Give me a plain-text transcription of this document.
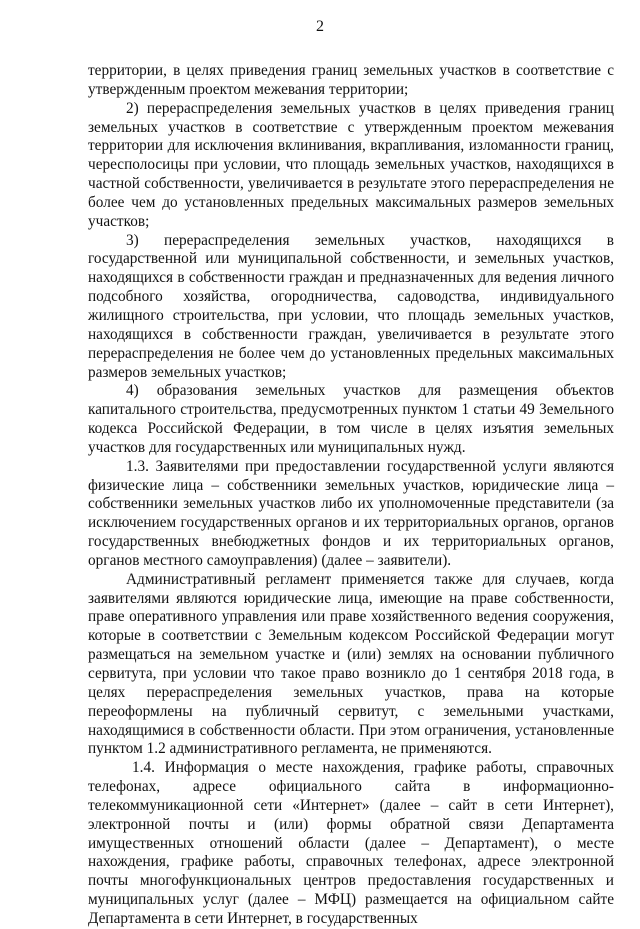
2

территории, в целях приведения границ земельных участков в соответствие с утвержденным проектом межевания территории;

2) перераспределения земельных участков в целях приведения границ земельных участков в соответствие с утвержденным проектом межевания территории для исключения вклинивания, вкрапливания, изломанности границ, чересполосицы при условии, что площадь земельных участков, находящихся в частной собственности, увеличивается в результате этого перераспределения не более чем до установленных предельных максимальных размеров земельных участков;

3) перераспределения земельных участков, находящихся в государственной или муниципальной собственности, и земельных участков, находящихся в собственности граждан и предназначенных для ведения личного подсобного хозяйства, огородничества, садоводства, индивидуального жилищного строительства, при условии, что площадь земельных участков, находящихся в собственности граждан, увеличивается в результате этого перераспределения не более чем до установленных предельных максимальных размеров земельных участков;

4) образования земельных участков для размещения объектов капитального строительства, предусмотренных пунктом 1 статьи 49 Земельного кодекса Российской Федерации, в том числе в целях изъятия земельных участков для государственных или муниципальных нужд.

1.3. Заявителями при предоставлении государственной услуги являются физические лица – собственники земельных участков, юридические лица – собственники земельных участков либо их уполномоченные представители (за исключением государственных органов и их территориальных органов, органов государственных внебюджетных фондов и их территориальных органов, органов местного самоуправления) (далее – заявители).

Административный регламент применяется также для случаев, когда заявителями являются юридические лица, имеющие на праве собственности, праве оперативного управления или праве хозяйственного ведения сооружения, которые в соответствии с Земельным кодексом Российской Федерации могут размещаться на земельном участке и (или) землях на основании публичного сервитута, при условии что такое право возникло до 1 сентября 2018 года, в целях перераспределения земельных участков, права на которые переоформлены на публичный сервитут, с земельными участками, находящимися в собственности области. При этом ограничения, установленные пунктом 1.2 административного регламента, не применяются.

1.4. Информация о месте нахождения, графике работы, справочных телефонах, адресе официального сайта в информационно-телекоммуникационной сети «Интернет» (далее – сайт в сети Интернет), электронной почты и (или) формы обратной связи Департамента имущественных отношений области (далее – Департамент), о месте нахождения, графике работы, справочных телефонах, адресе электронной почты многофункциональных центров предоставления государственных и муниципальных услуг (далее – МФЦ) размещается на официальном сайте Департамента в сети Интернет, в государственных
